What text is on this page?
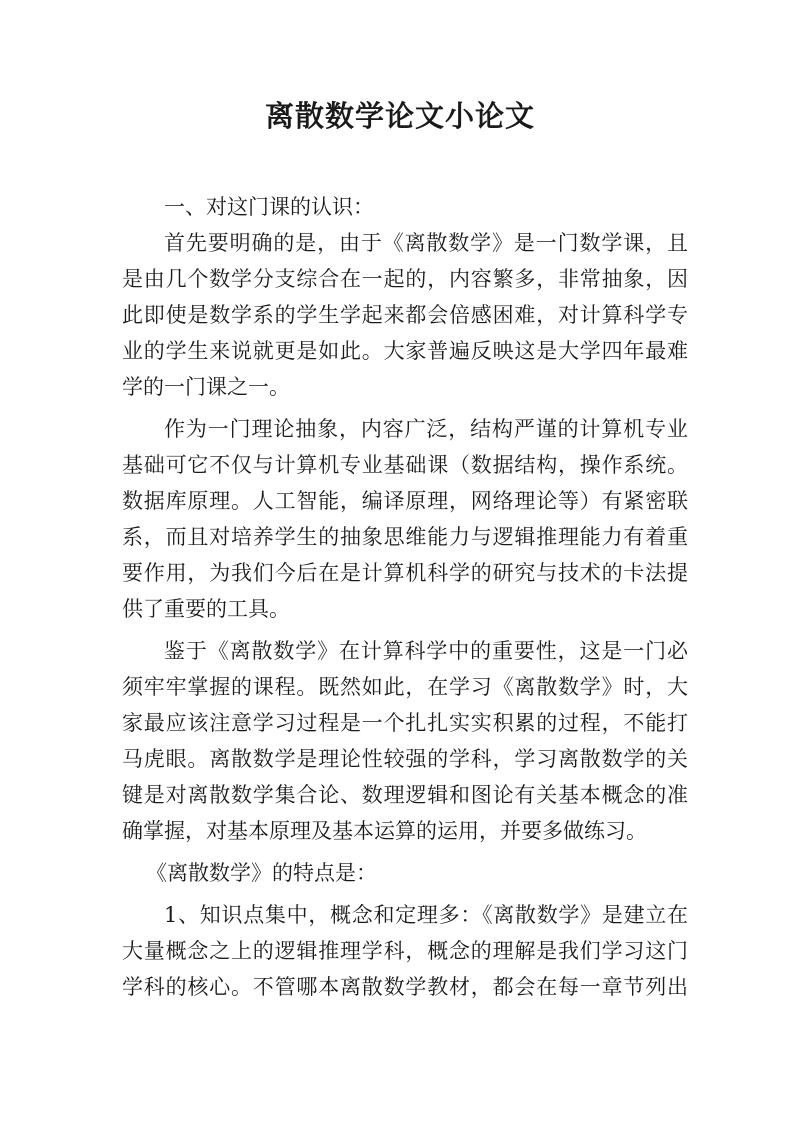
离散数学论文小论文
一、对这门课的认识：
首先要明确的是，由于《离散数学》是一门数学课，且
是由几个数学分支综合在一起的，内容繁多，非常抽象，因
此即使是数学系的学生学起来都会倍感困难，对计算科学专
业的学生来说就更是如此。大家普遍反映这是大学四年最难
学的一门课之一。
作为一门理论抽象，内容广泛，结构严谨的计算机专业
基础可它不仅与计算机专业基础课（数据结构，操作系统。
数据库原理。人工智能，编译原理，网络理论等）有紧密联
系，而且对培养学生的抽象思维能力与逻辑推理能力有着重
要作用，为我们今后在是计算机科学的研究与技术的卡法提
供了重要的工具。
鉴于《离散数学》在计算科学中的重要性，这是一门必
须牢牢掌握的课程。既然如此，在学习《离散数学》时，大
家最应该注意学习过程是一个扎扎实实积累的过程，不能打
马虎眼。离散数学是理论性较强的学科，学习离散数学的关
键是对离散数学集合论、数理逻辑和图论有关基本概念的准
确掌握，对基本原理及基本运算的运用，并要多做练习。
《离散数学》的特点是：
1、知识点集中，概念和定理多：《离散数学》是建立在
大量概念之上的逻辑推理学科，概念的理解是我们学习这门
学科的核心。不管哪本离散数学教材，都会在每一章节列出
